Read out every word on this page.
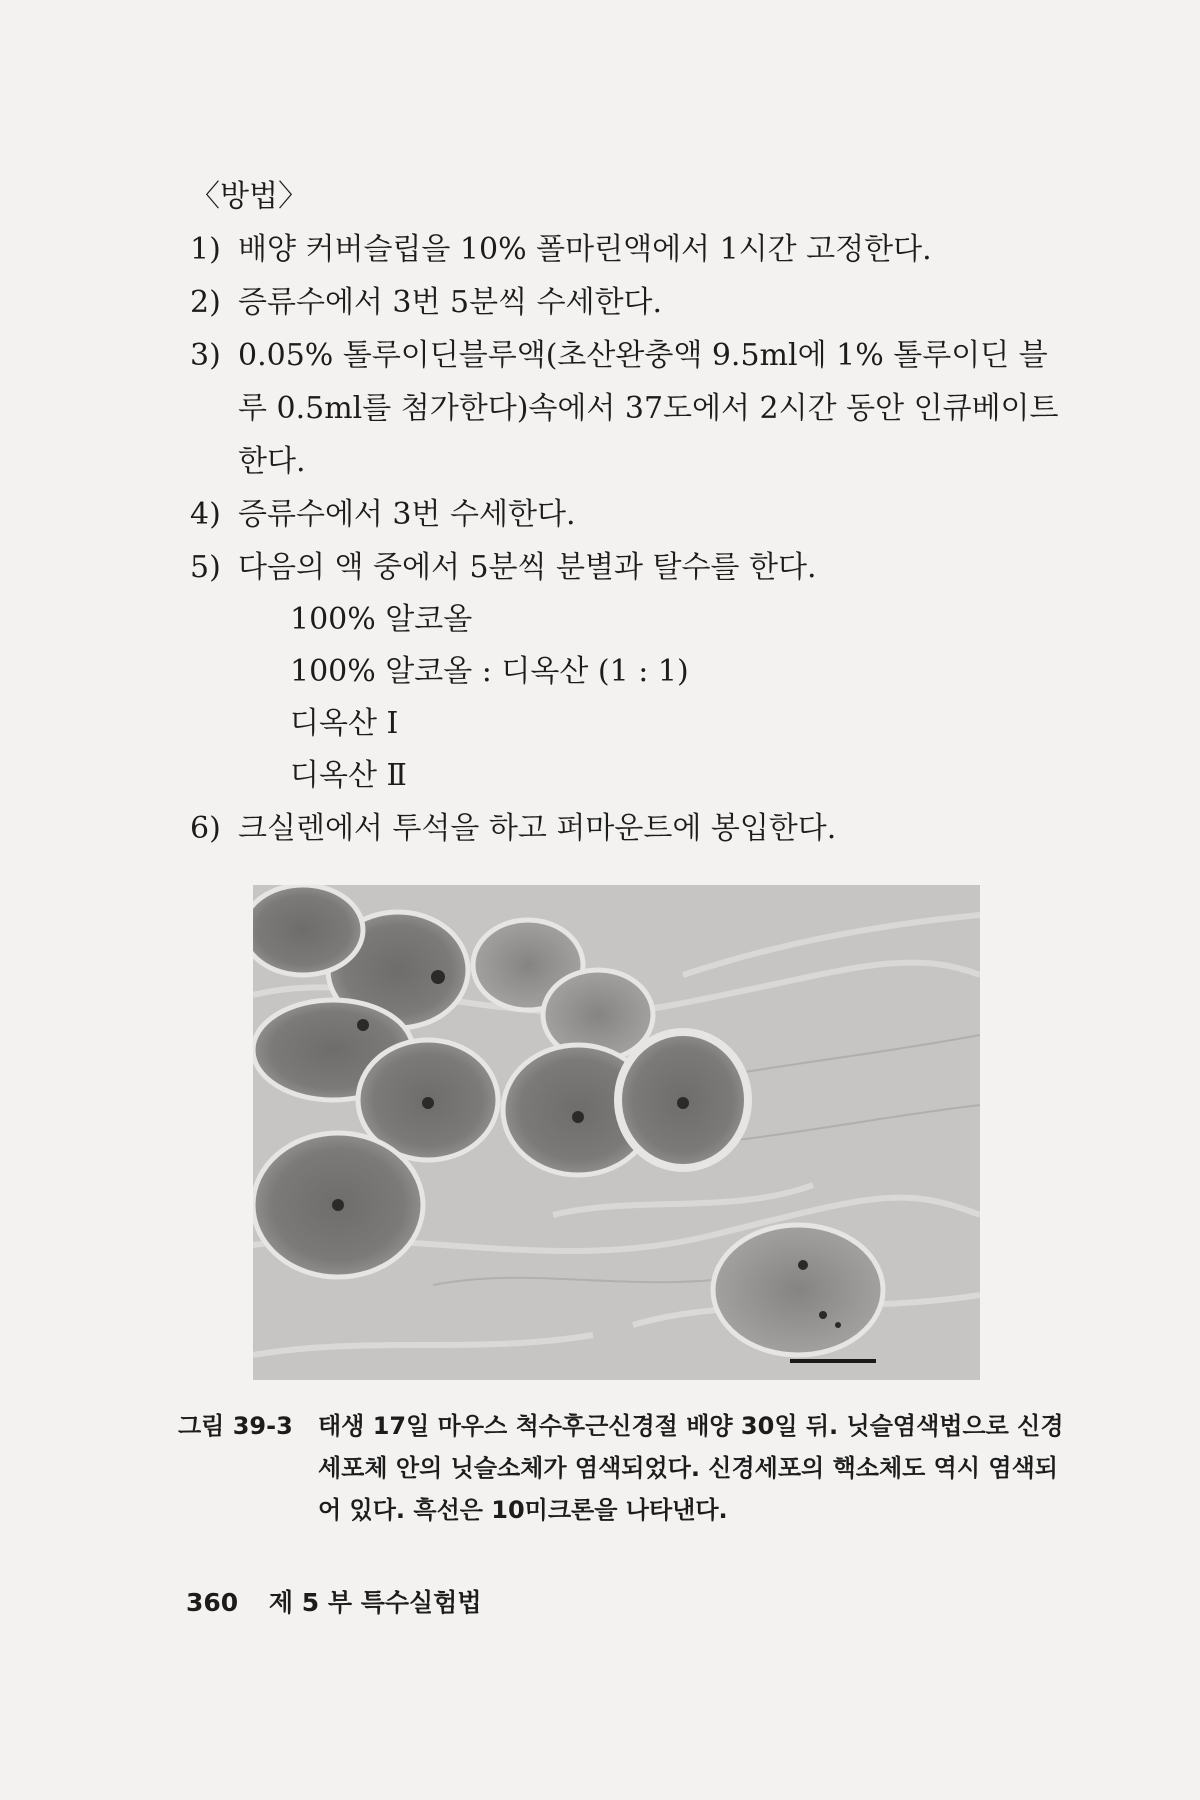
〈방법〉
1) 배양 커버슬립을 10% 폴마린액에서 1시간 고정한다.
2) 증류수에서 3번 5분씩 수세한다.
3) 0.05% 톨루이딘블루액(초산완충액 9.5ml에 1% 톨루이딘 블루 0.5ml를 첨가한다)속에서 37도에서 2시간 동안 인큐베이트한다.
4) 증류수에서 3번 수세한다.
5) 다음의 액 중에서 5분씩 분별과 탈수를 한다.
100% 알코올
100% 알코올 : 디옥산 (1 : 1)
디옥산 Ⅰ
디옥산 Ⅱ
6) 크실렌에서 투석을 하고 퍼마운트에 봉입한다.
그림 39-3 태생 17일 마우스 척수후근신경절 배양 30일 뒤. 닛슬염색법으로 신경세포체 안의 닛슬소체가 염색되었다. 신경세포의 핵소체도 역시 염색되어 있다. 흑선은 10미크론을 나타낸다.
360 제 5 부 특수실험법
